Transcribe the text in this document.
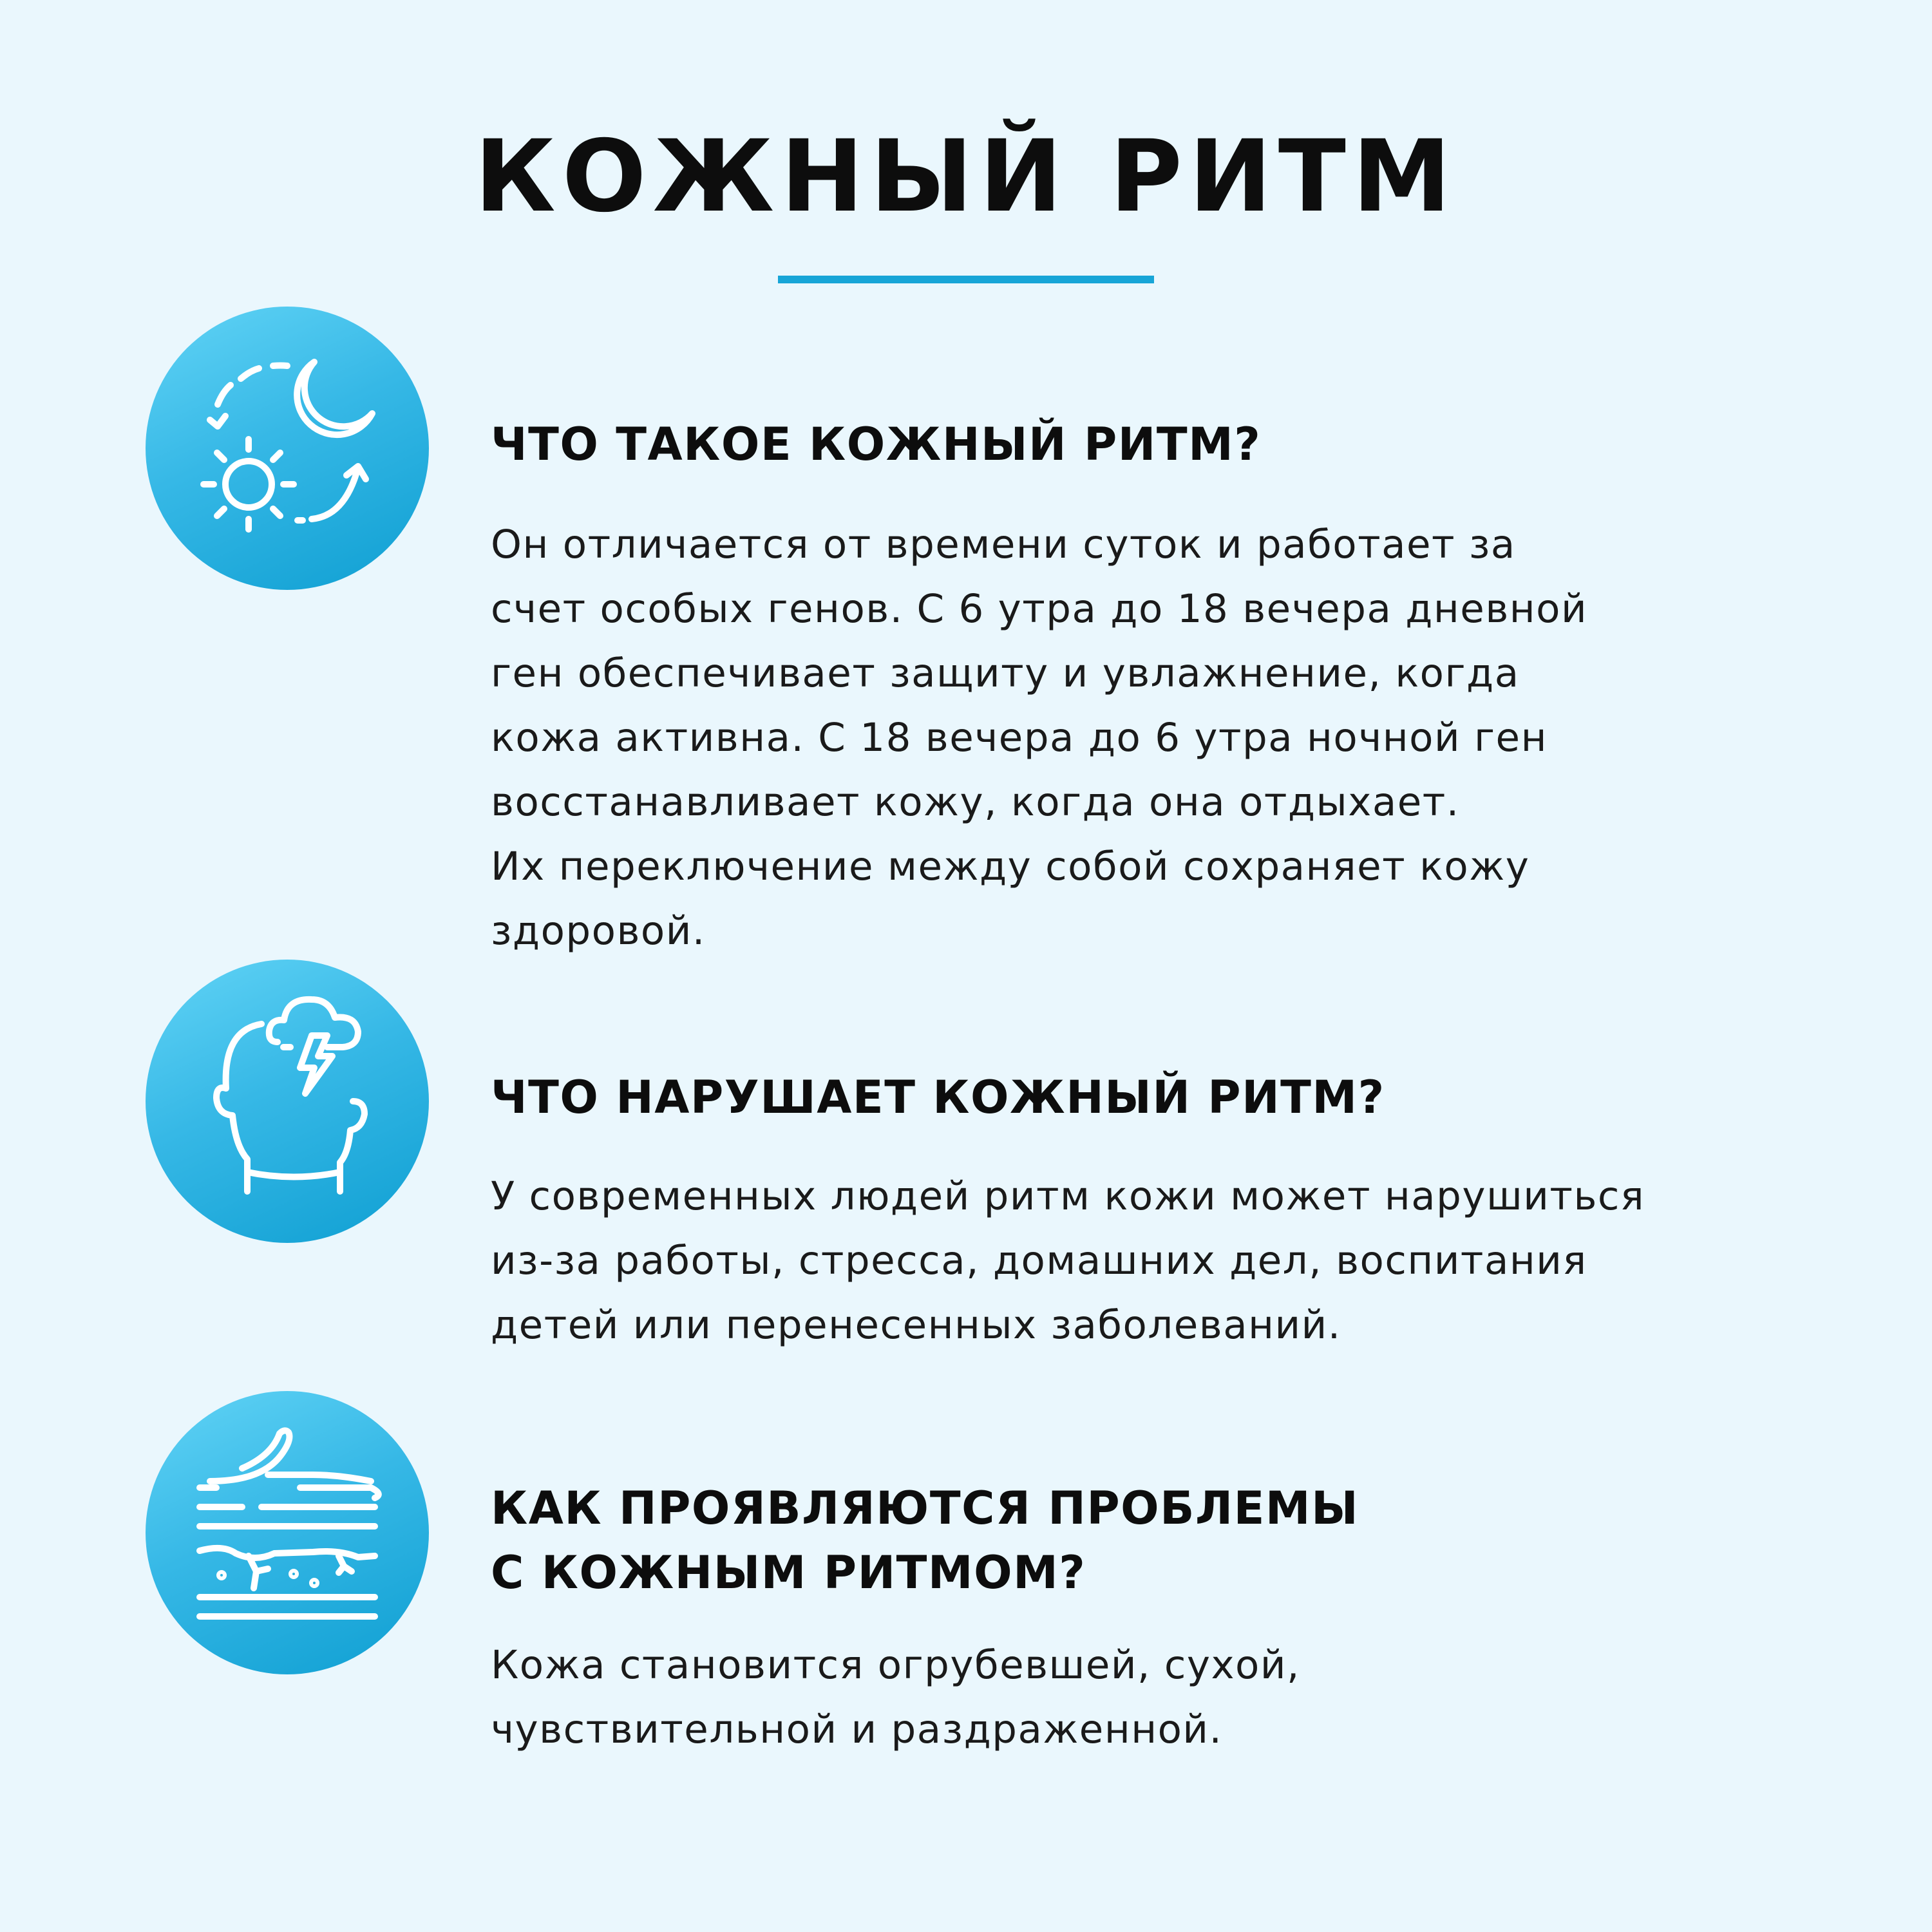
КОЖНЫЙ РИТМ
ЧТО ТАКОЕ КОЖНЫЙ РИТМ?

Он отличается от времени суток и работает за
счет особых генов. С 6 утра до 18 вечера дневной
ген обеспечивает защиту и увлажнение, когда
кожа активна. С 18 вечера до 6 утра ночной ген
восстанавливает кожу, когда она отдыхает.
Их переключение между собой сохраняет кожу
здоровой.

ЧТО НАРУШАЕТ КОЖНЫЙ РИТМ?

У современных людей ритм кожи может нарушиться
из-за работы, стресса, домашних дел, воспитания
детей или перенесенных заболеваний.

КАК ПРОЯВЛЯЮТСЯ ПРОБЛЕМЫ
С КОЖНЫМ РИТМОМ?

Кожа становится огрубевшей, сухой,
чувствительной и раздраженной.
